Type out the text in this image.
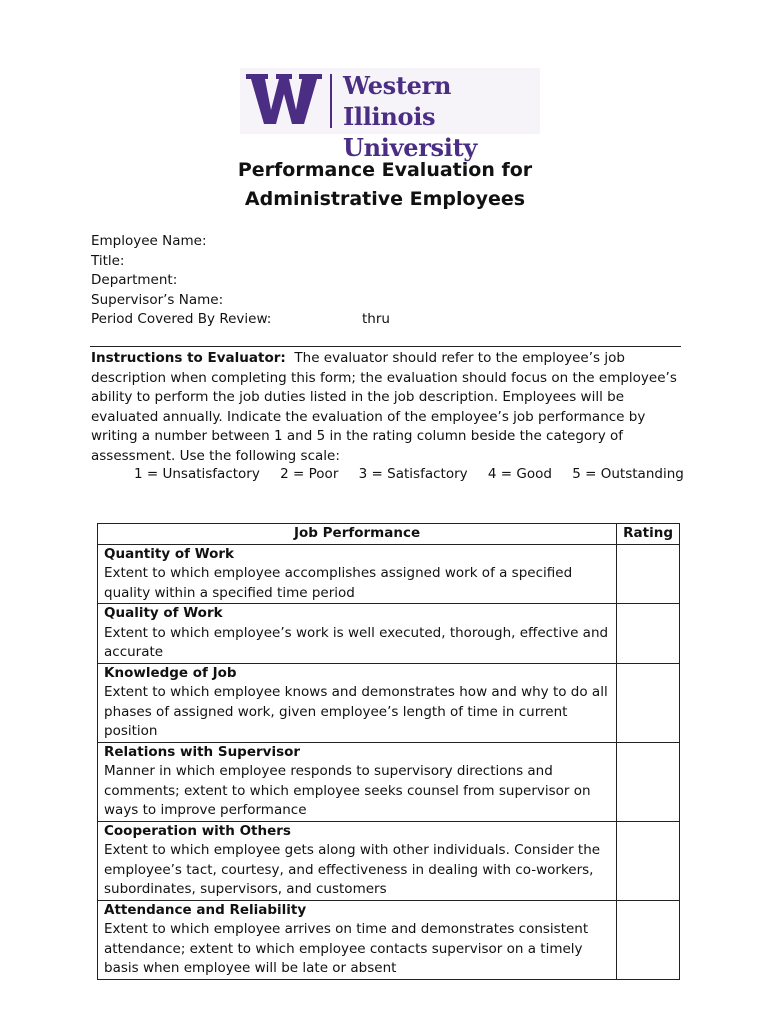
Western Illinois
University
Performance Evaluation for
Administrative Employees
Employee Name:
Title:
Department:
Supervisor’s Name:
Period Covered By Review:	thru
Instructions to Evaluator: The evaluator should refer to the employee’s job description when completing this form; the evaluation should focus on the employee’s ability to perform the job duties listed in the job description. Employees will be evaluated annually. Indicate the evaluation of the employee’s job performance by writing a number between 1 and 5 in the rating column beside the category of assessment. Use the following scale:
1 = Unsatisfactory 2 = Poor 3 = Satisfactory 4 = Good 5 = Outstanding
Job Performance	Rating

Quantity of Work
Extent to which employee accomplishes assigned work of a specified quality within a specified time period	

Quality of Work
Extent to which employee’s work is well executed, thorough, effective and accurate	

Knowledge of Job
Extent to which employee knows and demonstrates how and why to do all phases of assigned work, given employee’s length of time in current position	

Relations with Supervisor
Manner in which employee responds to supervisory directions and comments; extent to which employee seeks counsel from supervisor on ways to improve performance	

Cooperation with Others
Extent to which employee gets along with other individuals. Consider the employee’s tact, courtesy, and effectiveness in dealing with co-workers, subordinates, supervisors, and customers	

Attendance and Reliability
Extent to which employee arrives on time and demonstrates consistent attendance; extent to which employee contacts supervisor on a timely basis when employee will be late or absent	
